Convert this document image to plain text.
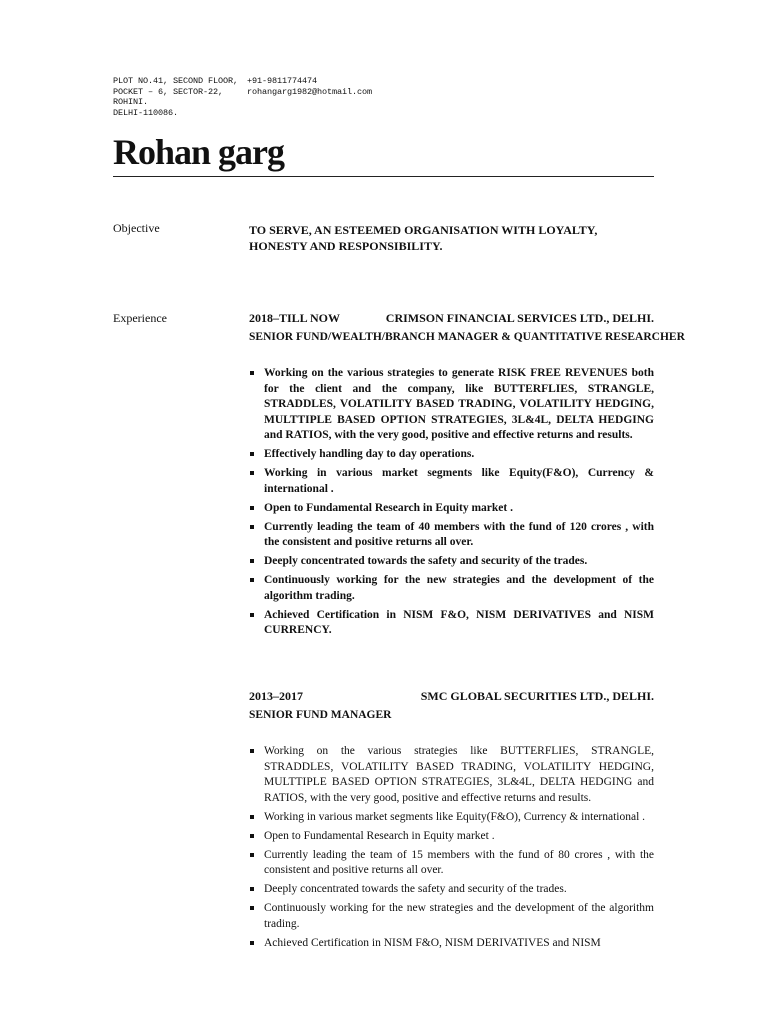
PLOT NO.41, SECOND FLOOR,
POCKET – 6, SECTOR-22,
ROHINI.
DELHI-110086.
+91-9811774474
rohangarg1982@hotmail.com
Rohan garg
Objective	TO SERVE, AN ESTEEMED ORGANISATION WITH LOYALTY, HONESTY AND RESPONSIBILITY.
Experience	2018–TILL NOW	CRIMSON FINANCIAL SERVICES LTD., DELHI.
SENIOR FUND/WEALTH/BRANCH MANAGER & QUANTITATIVE RESEARCHER
Working on the various strategies to generate RISK FREE REVENUES both for the client and the company, like BUTTERFLIES, STRANGLE, STRADDLES, VOLATILITY BASED TRADING, VOLATILITY HEDGING, MULTTIPLE BASED OPTION STRATEGIES, 3L&4L, DELTA HEDGING and RATIOS, with the very good, positive and effective returns and results.
Effectively handling day to day operations.
Working in various market segments like Equity(F&O), Currency & international .
Open to Fundamental Research in Equity market .
Currently leading the team of 40 members with the fund of 120 crores , with the consistent and positive returns all over.
Deeply concentrated towards the safety and security of the trades.
Continuously working for the new strategies and the development of the algorithm trading.
Achieved Certification in NISM F&O, NISM DERIVATIVES and NISM CURRENCY.
2013–2017	SMC GLOBAL SECURITIES LTD., DELHI.
SENIOR FUND MANAGER
Working on the various strategies like BUTTERFLIES, STRANGLE, STRADDLES, VOLATILITY BASED TRADING, VOLATILITY HEDGING, MULTTIPLE BASED OPTION STRATEGIES, 3L&4L, DELTA HEDGING and RATIOS, with the very good, positive and effective returns and results.
Working in various market segments like Equity(F&O), Currency & international .
Open to Fundamental Research in Equity market .
Currently leading the team of 15 members with the fund of 80 crores , with the consistent and positive returns all over.
Deeply concentrated towards the safety and security of the trades.
Continuously working for the new strategies and the development of the algorithm trading.
Achieved Certification in NISM F&O, NISM DERIVATIVES and NISM
